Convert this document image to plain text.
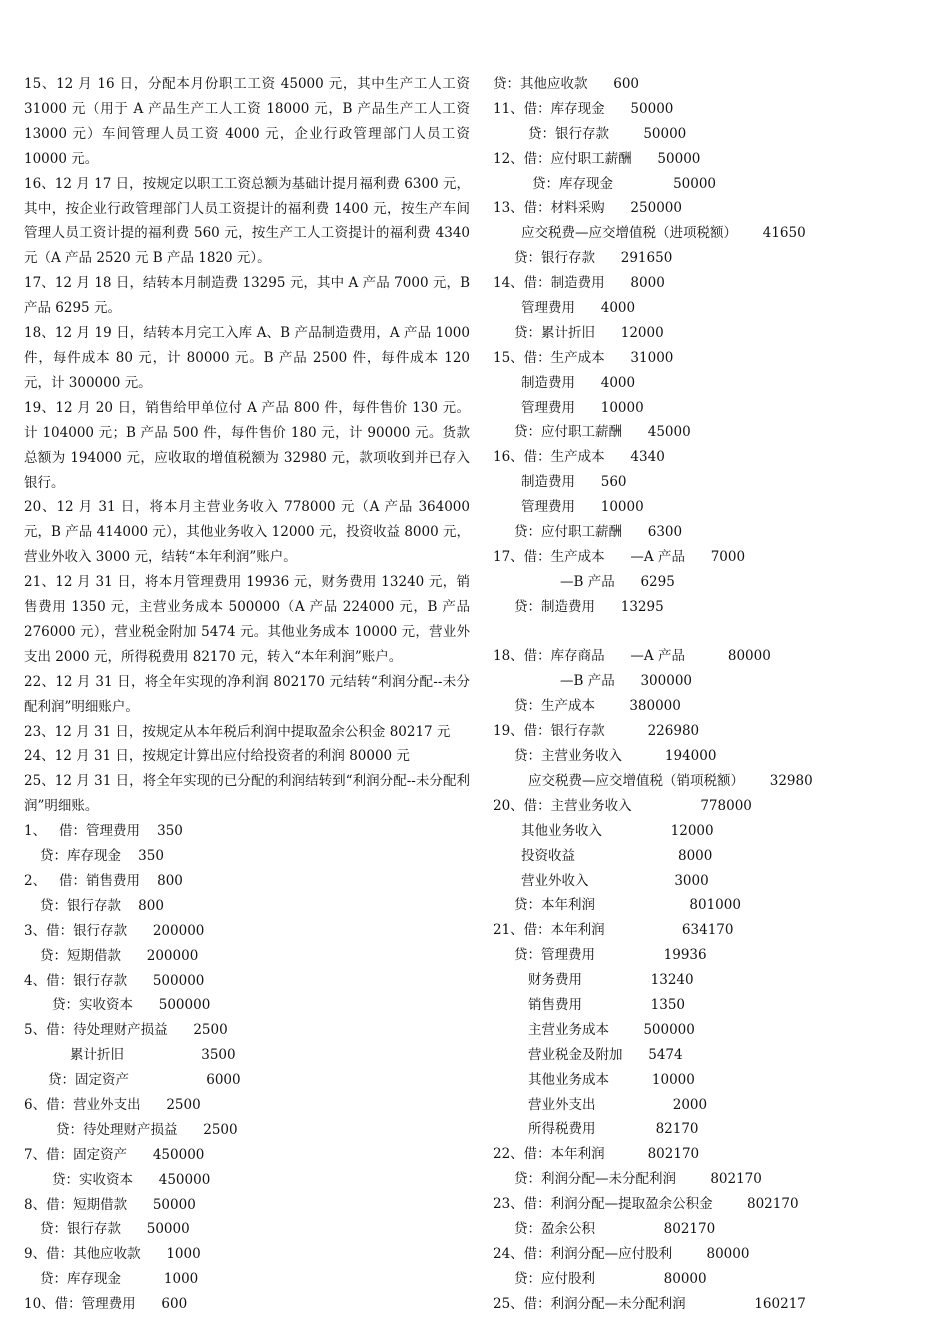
15、12 月 16 日，分配本月份职工工资 45000 元，其中生产工人工资 31000 元（用于 A 产品生产工人工资 18000 元，B 产品生产工人工资 13000 元）车间管理人员工资 4000 元，企业行政管理部门人员工资 10000 元。

16、12 月 17 日，按规定以职工工资总额为基础计提月福利费 6300 元，其中，按企业行政管理部门人员工资提计的福利费 1400 元，按生产车间管理人员工资计提的福利费 560 元，按生产工人工资提计的福利费 4340 元（A 产品 2520 元 B 产品 1820 元）。

17、12 月 18 日，结转本月制造费 13295 元，其中 A 产品 7000 元，B 产品 6295 元。

18、12 月 19 日，结转本月完工入库 A、B 产品制造费用，A 产品 1000 件，每件成本 80 元，计 80000 元。B 产品 2500 件，每件成本 120 元，计 300000 元。

19、12 月 20 日，销售给甲单位付 A 产品 800 件，每件售价 130 元。计 104000 元；B 产品 500 件，每件售价 180 元，计 90000 元。货款总额为 194000 元，应收取的增值税额为 32980 元，款项收到并已存入银行。

20、12 月 31 日，将本月主营业务收入 778000 元（A 产品 364000 元，B 产品 414000 元），其他业务收入 12000 元，投资收益 8000 元，营业外收入 3000 元，结转“本年利润”账户。

21、12 月 31 日，将本月管理费用 19936 元，财务费用 13240 元，销售费用 1350 元，主营业务成本 500000（A 产品 224000 元，B 产品 276000 元），营业税金附加 5474 元。其他业务成本 10000 元，营业外支出 2000 元，所得税费用 82170 元，转入“本年利润”账户。

22、12 月 31 日，将全年实现的净利润 802170 元结转“利润分配--未分配利润”明细账户。

23、12 月 31 日，按规定从本年税后利润中提取盈余公积金 80217 元

24、12 月 31 日，按规定计算出应付给投资者的利润 80000 元

25、12 月 31 日，将全年实现的已分配的利润结转到“利润分配--未分配利润”明细账。

1、   借：管理费用    350
贷：库存现金    350
2、   借：销售费用    800
贷：银行存款    800
3、借：银行存款      200000
贷：短期借款      200000
4、借：银行存款      500000
贷：实收资本      500000
5、借：待处理财产损益      2500
累计折旧                  3500
贷：固定资产                  6000
6、借：营业外支出      2500
贷：待处理财产损益      2500
7、借：固定资产      450000
贷：实收资本      450000
8、借：短期借款      50000
贷：银行存款      50000
9、借：其他应收款      1000
贷：库存现金          1000
10、借：管理费用      600
贷：其他应收款      600
11、借：库存现金      50000
贷：银行存款        50000
12、借：应付职工薪酬      50000
贷：库存现金              50000
13、借：材料采购      250000
应交税费—应交增值税（进项税额）      41650
贷：银行存款      291650
14、借：制造费用      8000
管理费用      4000
贷：累计折旧      12000
15、借：生产成本      31000
制造费用      4000
管理费用      10000
贷：应付职工薪酬      45000
16、借：生产成本      4340
制造费用      560
管理费用      10000
贷：应付职工薪酬      6300
17、借：生产成本      —A 产品      7000
—B 产品      6295
贷：制造费用      13295
18、借：库存商品      —A 产品          80000
—B 产品      300000
贷：生产成本        380000
19、借：银行存款          226980
贷：主营业务收入          194000
应交税费—应交增值税（销项税额）      32980
20、借：主营业务收入                778000
其他业务收入                12000
投资收益                        8000
营业外收入                    3000
贷：本年利润                      801000
21、借：本年利润                  634170
贷：管理费用                19936
财务费用                13240
销售费用                1350
主营业务成本        500000
营业税金及附加      5474
其他业务成本          10000
营业外支出                  2000
所得税费用              82170
22、借：本年利润          802170
贷：利润分配—未分配利润        802170
23、借：利润分配—提取盈余公积金        802170
贷：盈余公积                802170
24、借：利润分配—应付股利        80000
贷：应付股利                80000
25、借：利润分配—未分配利润                160217
